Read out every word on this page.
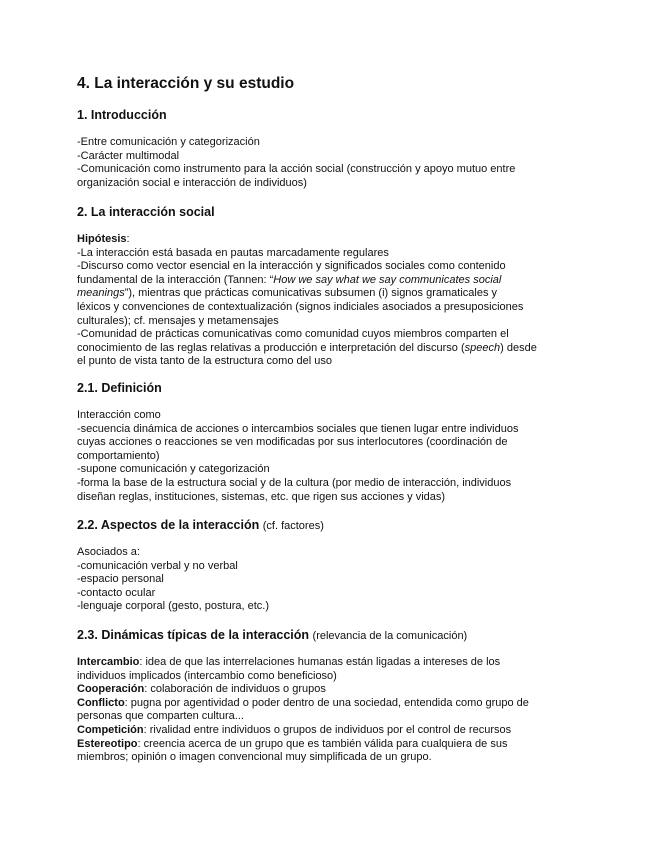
4. La interacción y su estudio
1. Introducción
-Entre comunicación y categorización
-Carácter multimodal
-Comunicación como instrumento para la acción social (construcción y apoyo mutuo entre
organización social e interacción de individuos)
2. La interacción social
Hipótesis:
-La interacción está basada en pautas marcadamente regulares
-Discurso como vector esencial en la interacción y significados sociales como contenido
fundamental de la interacción (Tannen: “How we say what we say communicates social
meanings”), mientras que prácticas comunicativas subsumen (i) signos gramaticales y
léxicos y convenciones de contextualización (signos indiciales asociados a presuposiciones
culturales); cf. mensajes y metamensajes
-Comunidad de prácticas comunicativas como comunidad cuyos miembros comparten el
conocimiento de las reglas relativas a producción e interpretación del discurso (speech) desde
el punto de vista tanto de la estructura como del uso
2.1. Definición
Interacción como
-secuencia dinámica de acciones o intercambios sociales que tienen lugar entre individuos
cuyas acciones o reacciones se ven modificadas por sus interlocutores (coordinación de
comportamiento)
-supone comunicación y categorización
-forma la base de la estructura social y de la cultura (por medio de interacción, individuos
diseñan reglas, instituciones, sistemas, etc. que rigen sus acciones y vidas)
2.2. Aspectos de la interacción (cf. factores)
Asociados a:
-comunicación verbal y no verbal
-espacio personal
-contacto ocular
-lenguaje corporal (gesto, postura, etc.)
2.3. Dinámicas típicas de la interacción (relevancia de la comunicación)
Intercambio: idea de que las interrelaciones humanas están ligadas a intereses de los
individuos implicados (intercambio como beneficioso)
Cooperación: colaboración de individuos o grupos
Conflicto: pugna por agentividad o poder dentro de una sociedad, entendida como grupo de
personas que comparten cultura...
Competición: rivalidad entre individuos o grupos de individuos por el control de recursos
Estereotipo: creencia acerca de un grupo que es también válida para cualquiera de sus
miembros; opinión o imagen convencional muy simplificada de un grupo.
